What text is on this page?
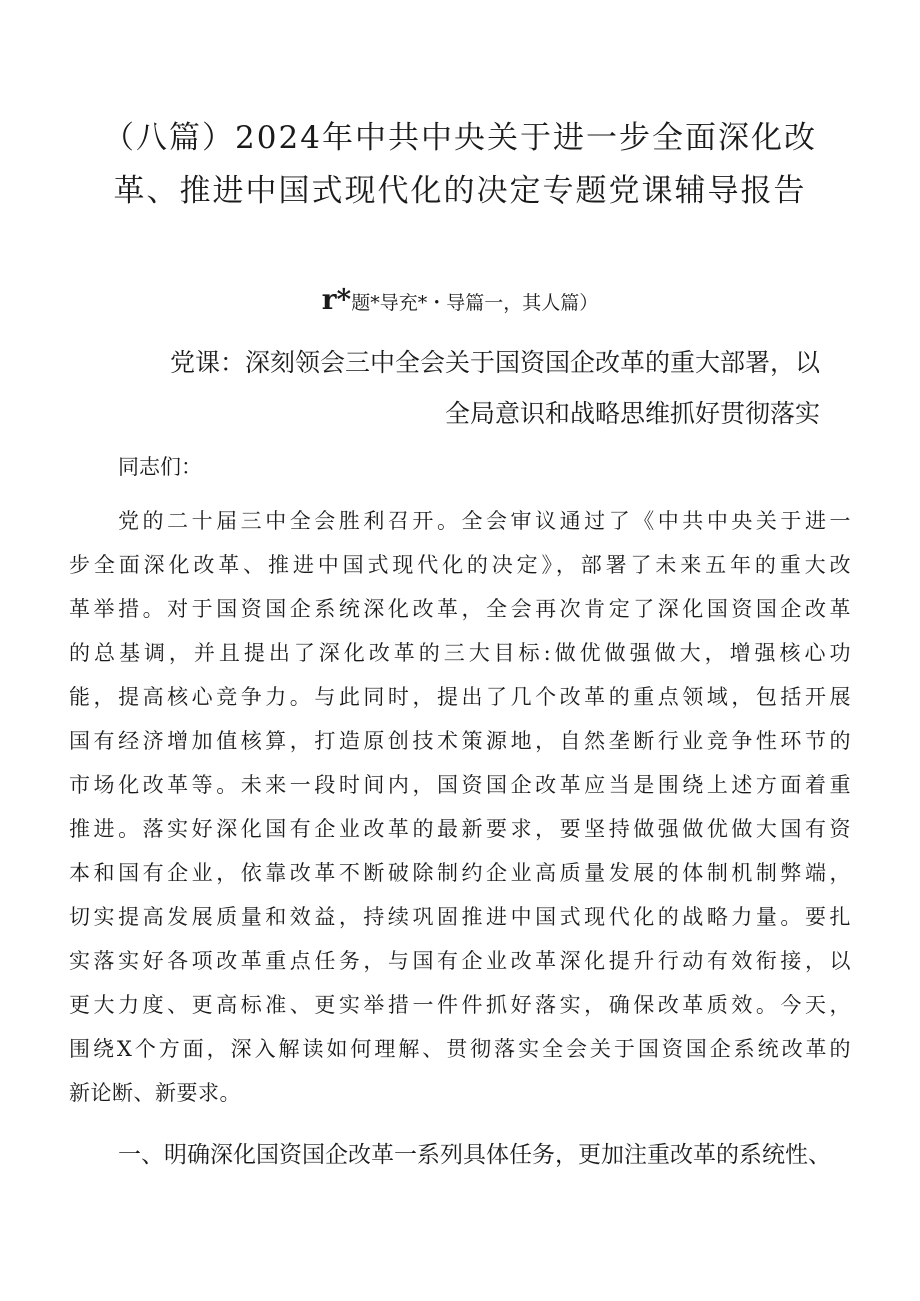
（八篇）2024年中共中央关于进一步全面深化改
革、推进中国式现代化的决定专题党课辅导报告
r*题*导充*・导篇一，其人篇）
党课：深刻领会三中全会关于国资国企改革的重大部署，以
全局意识和战略思维抓好贯彻落实
同志们：
党的二十届三中全会胜利召开。全会审议通过了《中共中央关于进一
步全面深化改革、推进中国式现代化的决定》，部署了未来五年的重大改
革举措。对于国资国企系统深化改革，全会再次肯定了深化国资国企改革
的总基调，并且提出了深化改革的三大目标:做优做强做大，增强核心功
能，提高核心竞争力。与此同时，提出了几个改革的重点领域，包括开展
国有经济增加值核算，打造原创技术策源地，自然垄断行业竞争性环节的
市场化改革等。未来一段时间内，国资国企改革应当是围绕上述方面着重
推进。落实好深化国有企业改革的最新要求，要坚持做强做优做大国有资
本和国有企业，依靠改革不断破除制约企业高质量发展的体制机制弊端，
切实提高发展质量和效益，持续巩固推进中国式现代化的战略力量。要扎
实落实好各项改革重点任务，与国有企业改革深化提升行动有效衔接，以
更大力度、更高标准、更实举措一件件抓好落实，确保改革质效。今天，
围绕X个方面，深入解读如何理解、贯彻落实全会关于国资国企系统改革的
新论断、新要求。
一、明确深化国资国企改革一系列具体任务，更加注重改革的系统性、
